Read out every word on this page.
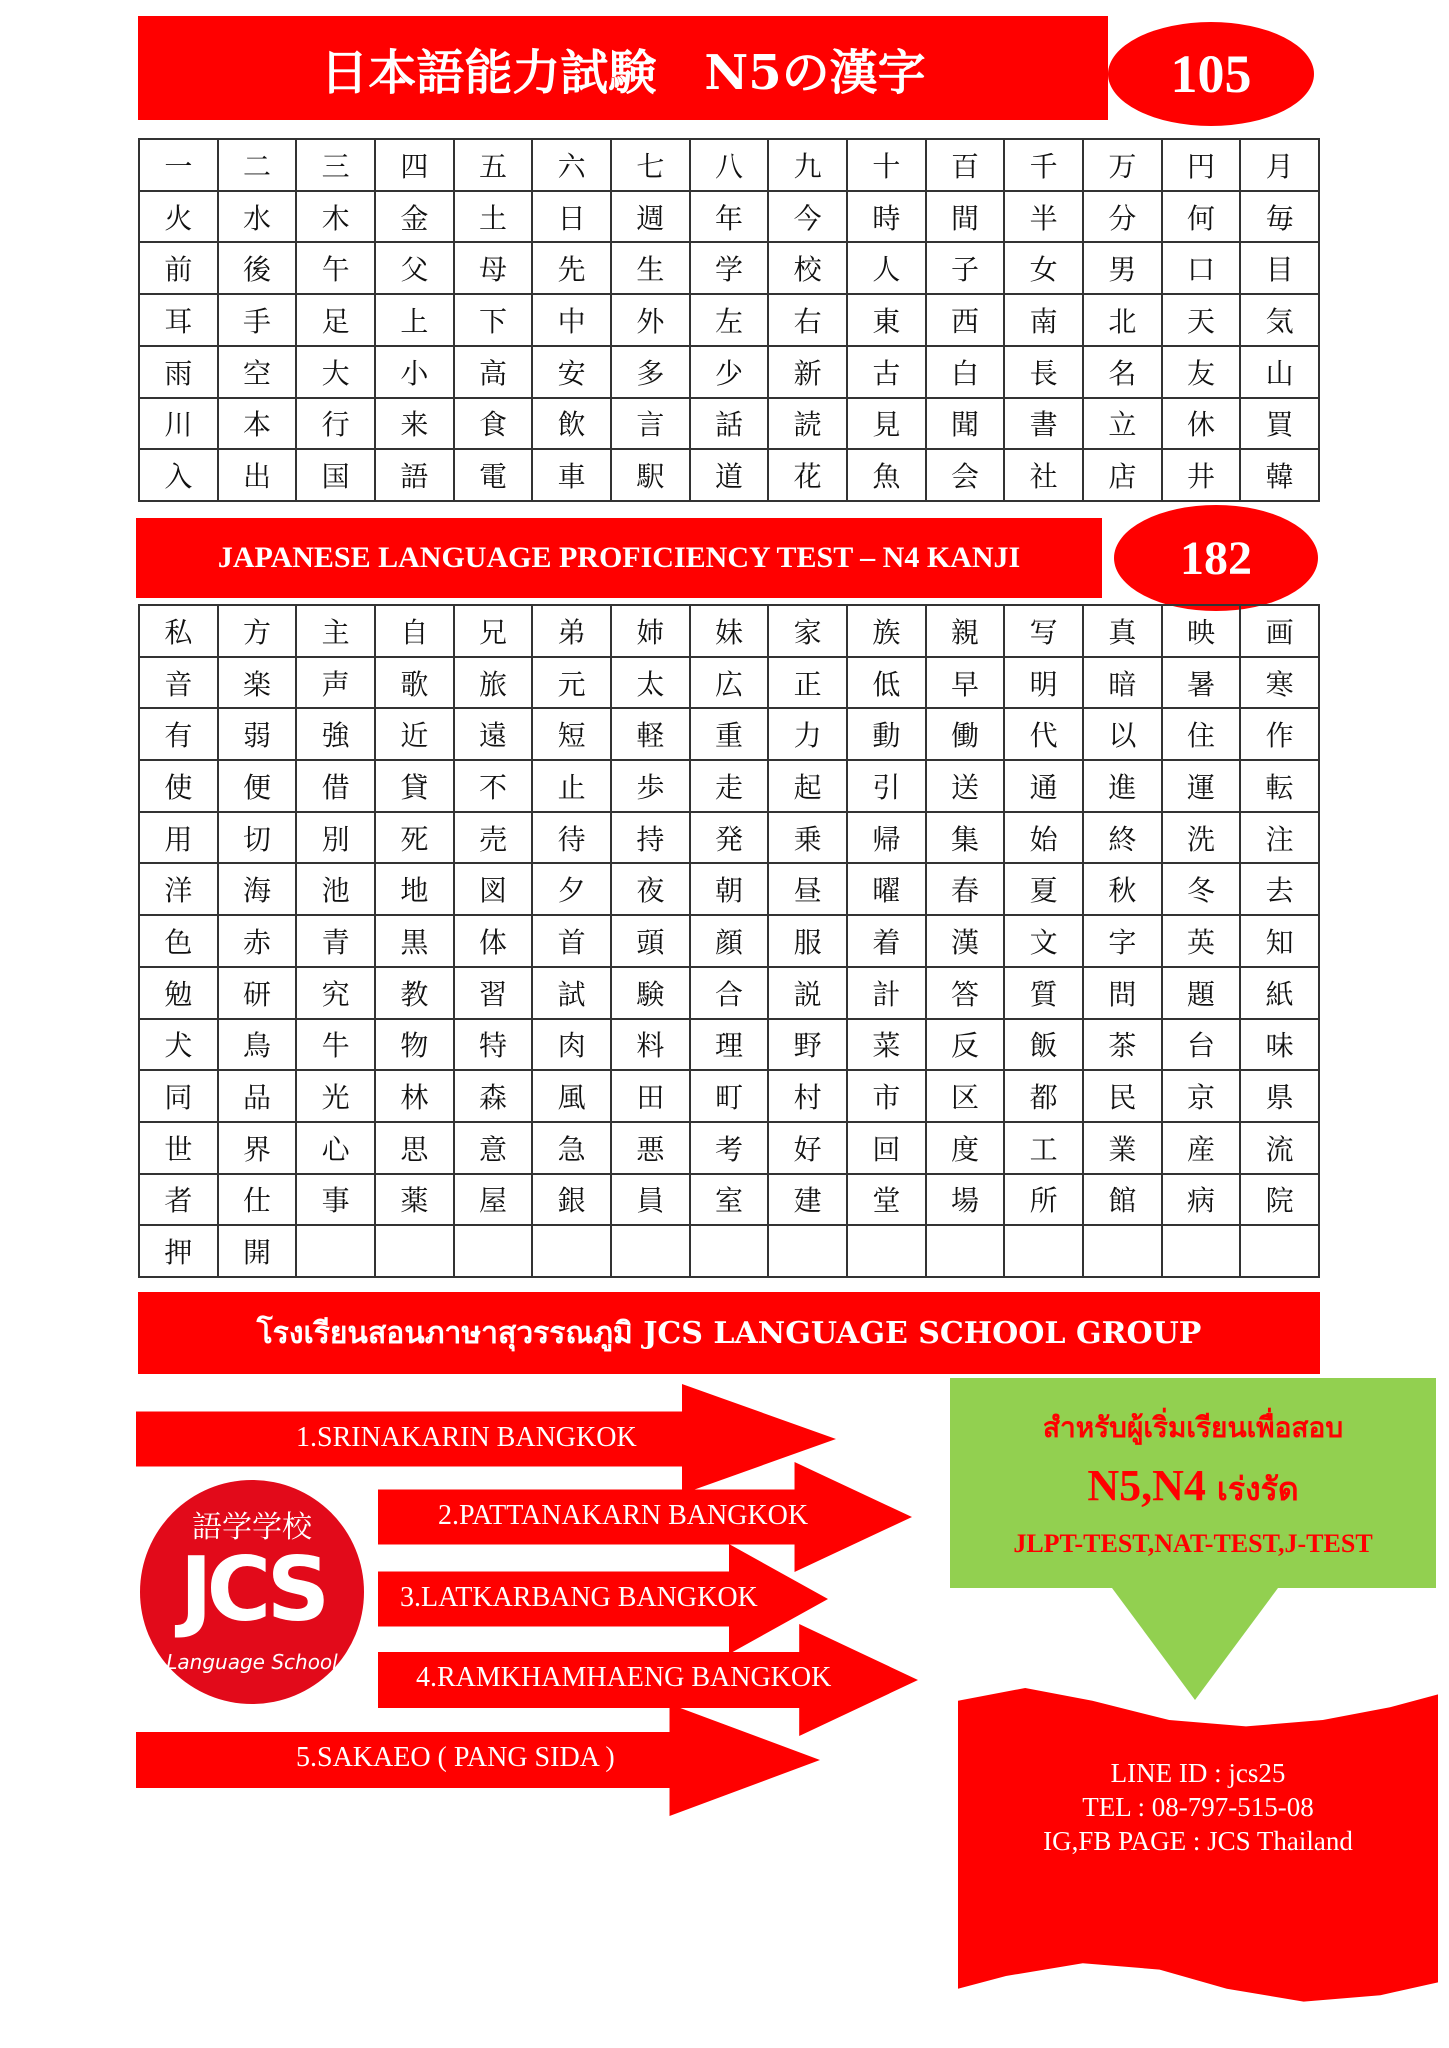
日本語能力試験　N5の漢字	105
一	二	三	四	五	六	七	八	九	十	百	千	万	円	月
火	水	木	金	土	日	週	年	今	時	間	半	分	何	毎
前	後	午	父	母	先	生	学	校	人	子	女	男	口	目
耳	手	足	上	下	中	外	左	右	東	西	南	北	天	気
雨	空	大	小	高	安	多	少	新	古	白	長	名	友	山
川	本	行	来	食	飲	言	話	読	見	聞	書	立	休	買
入	出	国	語	電	車	駅	道	花	魚	会	社	店	井	韓
JAPANESE LANGUAGE PROFICIENCY TEST – N4 KANJI	182
私	方	主	自	兄	弟	姉	妹	家	族	親	写	真	映	画
音	楽	声	歌	旅	元	太	広	正	低	早	明	暗	暑	寒
有	弱	強	近	遠	短	軽	重	力	動	働	代	以	住	作
使	便	借	貸	不	止	歩	走	起	引	送	通	進	運	転
用	切	別	死	売	待	持	発	乗	帰	集	始	終	洗	注
洋	海	池	地	図	夕	夜	朝	昼	曜	春	夏	秋	冬	去
色	赤	青	黒	体	首	頭	顔	服	着	漢	文	字	英	知
勉	研	究	教	習	試	験	合	説	計	答	質	問	題	紙
犬	鳥	牛	物	特	肉	料	理	野	菜	反	飯	茶	台	味
同	品	光	林	森	風	田	町	村	市	区	都	民	京	県
世	界	心	思	意	急	悪	考	好	回	度	工	業	産	流
者	仕	事	薬	屋	銀	員	室	建	堂	場	所	館	病	院
押	開
โรงเรียนสอนภาษาสุวรรณภูมิ JCS LANGUAGE SCHOOL GROUP
1.SRINAKARIN BANGKOK
2.PATTANAKARN BANGKOK
3.LATKARBANG BANGKOK
4.RAMKHAMHAENG BANGKOK
5.SAKAEO ( PANG SIDA )
語学学校
JCS
Language School
สำหรับผู้เริ่มเรียนเพื่อสอบ
N5,N4 เร่งรัด
JLPT-TEST,NAT-TEST,J-TEST
LINE ID : jcs25
TEL : 08-797-515-08
IG,FB PAGE : JCS Thailand
